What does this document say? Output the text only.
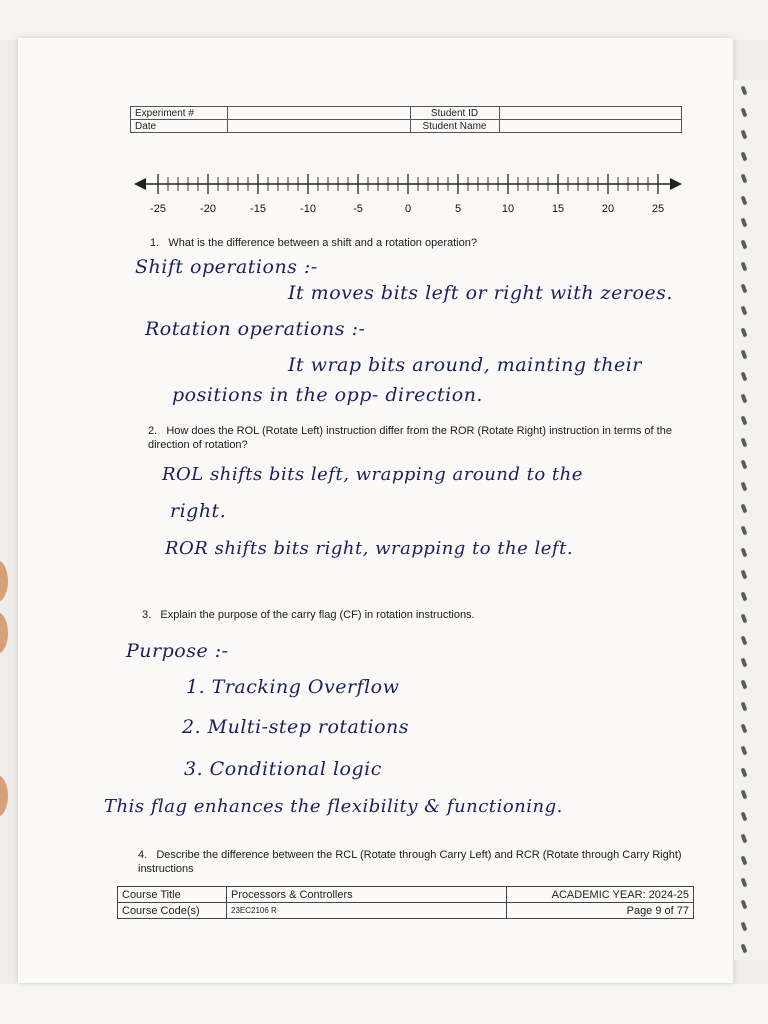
Experiment #		Student ID	
Date		Student Name	
-25	-20	-15	-10	-5	0	5	10	15	20	25
1. What is the difference between a shift and a rotation operation?
Shift operations :-
It moves bits left or right with zeroes.
Rotation operations :-
It wrap bits around, mainting their
positions in the opp- direction.
2. How does the ROL (Rotate Left) instruction differ from the ROR (Rotate Right) instruction in terms of the direction of rotation?
ROL shifts bits left, wrapping around to the
right.
ROR shifts bits right, wrapping to the left.
3. Explain the purpose of the carry flag (CF) in rotation instructions.
Purpose :-
1. Tracking Overflow
2. Multi-step rotations
3. Conditional logic
This flag enhances the flexibility & functioning.
4. Describe the difference between the RCL (Rotate through Carry Left) and RCR (Rotate through Carry Right) instructions
Course Title	Processors & Controllers	ACADEMIC YEAR: 2024-25
Course Code(s)	23EC2106 R	Page 9 of 77
